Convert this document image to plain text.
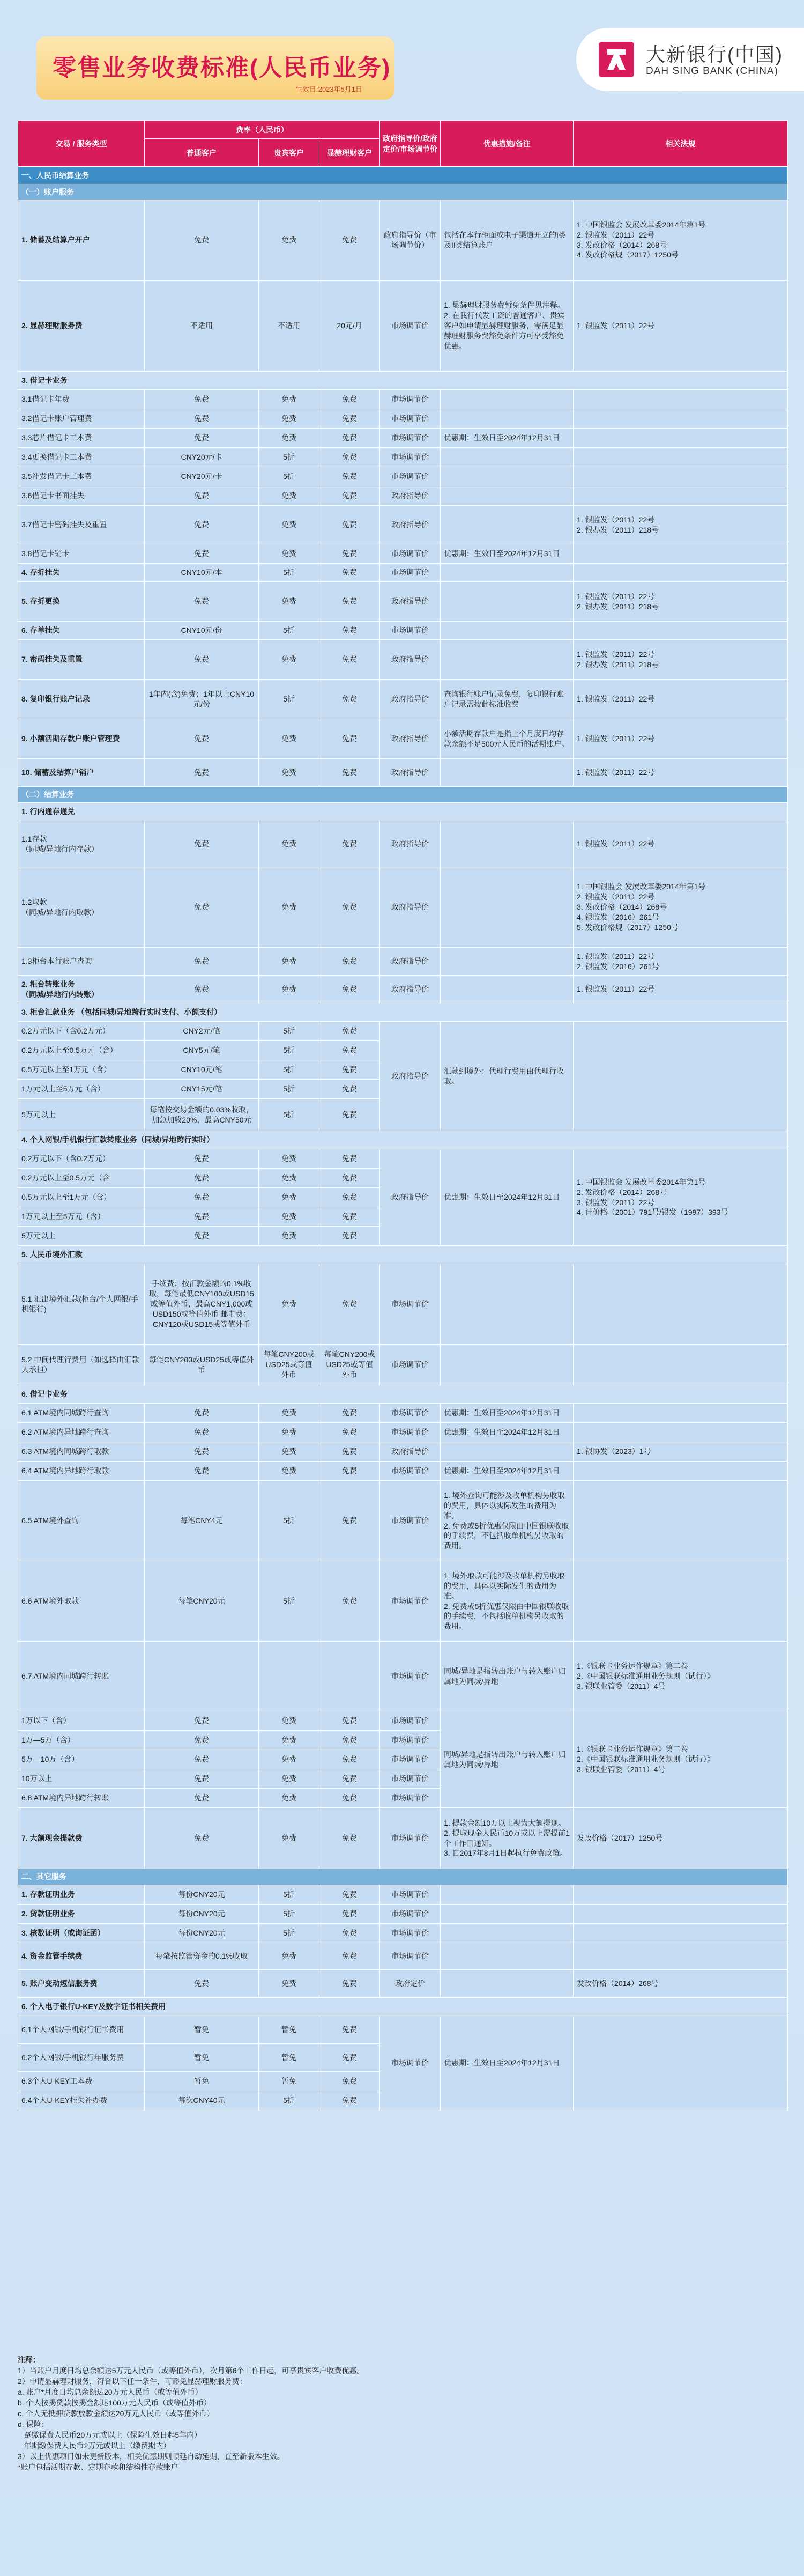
零售业务收费标准(人民币业务)
生效日:2023年5月1日
大新银行(中国)
DAH SING BANK (CHINA)
交易 / 服务类型	费率（人民币）			政府指导价/政府定价/市场调节价	优惠措施/备注	相关法规
	普通客户	贵宾客户	显赫理财客户			
一、人民币结算业务						
（一）账户服务						
1. 储蓄及结算户开户	免费	免费	免费	政府指导价（市场调节价）	包括在本行柜面或电子渠道开立的I类及II类结算账户	1. 中国银监会 发展改革委2014年第1号
2. 银监发（2011）22号
3. 发改价格（2014）268号
4. 发改价格规（2017）1250号
2. 显赫理财服务费	不适用	不适用	20元/月	市场调节价	1. 显赫理财服务费暂免条件见注释。
2. 在我行代发工资的普通客户、贵宾客户如申请显赫理财服务，需满足显赫理财服务费豁免条件方可享受豁免优惠。	1. 银监发（2011）22号
3. 借记卡业务						
3.1借记卡年费	免费	免费	免费	市场调节价		
3.2借记卡账户管理费	免费	免费	免费	市场调节价		
3.3芯片借记卡工本费	免费	免费	免费	市场调节价	优惠期：生效日至2024年12月31日	
3.4更换借记卡工本费	CNY20元/卡	5折	免费	市场调节价		
3.5补发借记卡工本费	CNY20元/卡	5折	免费	市场调节价		
3.6借记卡书面挂失	免费	免费	免费	政府指导价		
3.7借记卡密码挂失及重置	免费	免费	免费	政府指导价		1. 银监发（2011）22号
2. 银办发（2011）218号
3.8借记卡销卡	免费	免费	免费	市场调节价	优惠期：生效日至2024年12月31日	
4. 存折挂失	CNY10元/本	5折	免费	市场调节价		
5. 存折更换	免费	免费	免费	政府指导价		1. 银监发（2011）22号
2. 银办发（2011）218号
6. 存单挂失	CNY10元/份	5折	免费	市场调节价		
7. 密码挂失及重置	免费	免费	免费	政府指导价		1. 银监发（2011）22号
2. 银办发（2011）218号
8. 复印银行账户记录	1年内(含)免费；1年以上CNY10元/份	5折	免费	政府指导价	查询银行账户记录免费，复印银行账户记录需按此标准收费	1. 银监发（2011）22号
9. 小额活期存款户账户管理费	免费	免费	免费	政府指导价	小额活期存款户是指上个月度日均存款余额不足500元人民币的活期账户。	1. 银监发（2011）22号
10. 储蓄及结算户销户	免费	免费	免费	政府指导价		1. 银监发（2011）22号
（二）结算业务						
1. 行内通存通兑						
1.1存款
（同城/异地行内存款）	免费	免费	免费	政府指导价		1. 银监发（2011）22号
1.2取款
（同城/异地行内取款）	免费	免费	免费	政府指导价		1. 中国银监会 发展改革委2014年第1号
2. 银监发（2011）22号
3. 发改价格（2014）268号
4. 银监发（2016）261号
5. 发改价格规（2017）1250号
1.3柜台本行账户查询	免费	免费	免费	政府指导价		1. 银监发（2011）22号
2. 银监发（2016）261号
2. 柜台转账业务
（同城/异地行内转账）	免费	免费	免费	政府指导价		1. 银监发（2011）22号
3. 柜台汇款业务 （包括同城/异地跨行实时支付、小额支付）						
0.2万元以下（含0.2万元）	CNY2元/笔	5折	免费	政府指导价	汇款到境外：代理行费用由代理行收取。	
0.2万元以上至0.5万元（含）	CNY5元/笔	5折	免费			
0.5万元以上至1万元（含）	CNY10元/笔	5折	免费			
1万元以上至5万元（含）	CNY15元/笔	5折	免费			
5万元以上	每笔按交易金额的0.03%收取，加急加收20%，最高CNY50元	5折	免费			
4. 个人网银/手机银行汇款转账业务（同城/异地跨行实时）						
0.2万元以下（含0.2万元）	免费	免费	免费	政府指导价	优惠期：生效日至2024年12月31日	1. 中国银监会 发展改革委2014年第1号
2. 发改价格（2014）268号
3. 银监发（2011）22号
4. 计价格（2001）791号/银发（1997）393号
0.2万元以上至0.5万元（含	免费	免费	免费			
0.5万元以上至1万元（含）	免费	免费	免费			
1万元以上至5万元（含）	免费	免费	免费			
5万元以上	免费	免费	免费			
5. 人民币境外汇款						
5.1 汇出境外汇款(柜台/个人网银/手机银行)	手续费：按汇款金额的0.1%收取，每笔最低CNY100或USD15或等值外币，最高CNY1,000或USD150或等值外币 邮电费：CNY120或USD15或等值外币	免费	免费	市场调节价		
5.2 中间代理行费用（如选择由汇款人承担）	每笔CNY200或USD25或等值外币	每笔CNY200或USD25或等值外币	每笔CNY200或USD25或等值外币	市场调节价		
6. 借记卡业务						
6.1 ATM境内同城跨行查询	免费	免费	免费	市场调节价	优惠期：生效日至2024年12月31日	
6.2 ATM境内异地跨行查询	免费	免费	免费	市场调节价	优惠期：生效日至2024年12月31日	
6.3 ATM境内同城跨行取款	免费	免费	免费	政府指导价		1. 银协发（2023）1号
6.4 ATM境内异地跨行取款	免费	免费	免费	市场调节价	优惠期：生效日至2024年12月31日	
6.5 ATM境外查询	每笔CNY4元	5折	免费	市场调节价	1. 境外查询可能涉及收单机构另收取的费用，具体以实际发生的费用为准。
2. 免费或5折优惠仅限由中国银联收取的手续费，不包括收单机构另收取的费用。	
6.6 ATM境外取款	每笔CNY20元	5折	免费	市场调节价	1. 境外取款可能涉及收单机构另收取的费用，具体以实际发生的费用为准。
2. 免费或5折优惠仅限由中国银联收取的手续费，不包括收单机构另收取的费用。	
6.7 ATM境内同城跨行转账				市场调节价	同城/异地是指转出账户与转入账户归属地为同城/异地	1.《银联卡业务运作规章》第二卷
2.《中国银联标准通用业务规则（试行）》
3. 银联业管委（2011）4号
1万以下（含）	免费	免费	免费	市场调节价	同城/异地是指转出账户与转入账户归属地为同城/异地	1.《银联卡业务运作规章》第二卷
2.《中国银联标准通用业务规则（试行）》
3. 银联业管委（2011）4号
1万—5万（含）	免费	免费	免费	市场调节价		
5万—10万（含）	免费	免费	免费	市场调节价		
10万以上	免费	免费	免费	市场调节价		
6.8 ATM境内异地跨行转账	免费	免费	免费	市场调节价		
7. 大额现金提款费	免费	免费	免费	市场调节价	1. 提款金额10万以上视为大额提现。
2. 提取现金人民币10万或以上需提前1个工作日通知。
3. 自2017年8月1日起执行免费政策。	发改价格（2017）1250号
二、其它服务						
1. 存款证明业务	每份CNY20元	5折	免费	市场调节价		
2. 贷款证明业务	每份CNY20元	5折	免费	市场调节价		
3. 核数证明（或询证函）	每份CNY20元	5折	免费	市场调节价		
4. 资金监管手续费	每笔按监管资金的0.1%收取	免费	免费	市场调节价		
5. 账户变动短信服务费	免费	免费	免费	政府定价		发改价格（2014）268号
6. 个人电子银行U-KEY及数字证书相关费用						
6.1个人网银/手机银行证书费用	暂免	暂免	免费	市场调节价	优惠期：生效日至2024年12月31日	
6.2个人网银/手机银行年服务费	暂免	暂免	免费			
6.3个人U-KEY工本费	暂免	暂免	免费			
6.4个人U-KEY挂失补办费	每次CNY40元	5折	免费			
注释：
1）当账户月度日均总余额达5万元人民币（或等值外币），次月第6个工作日起，可享贵宾客户收费优惠。
2）申请显赫理财服务，符合以下任一条件，可豁免显赫理财服务费：
a. 账户*月度日均总余额达20万元人民币（或等值外币）
b. 个人按揭贷款按揭金额达100万元人民币（或等值外币）
c. 个人无抵押贷款放款金额达20万元人民币（或等值外币）
d. 保险：
趸缴保费人民币20万元或以上（保险生效日起5年内）
年期缴保费人民币2万元或以上（缴费期内）
3）以上优惠项目如未更新版本，相关优惠期则顺延自动延期，直至新版本生效。
*账户包括活期存款、定期存款和结构性存款账户
